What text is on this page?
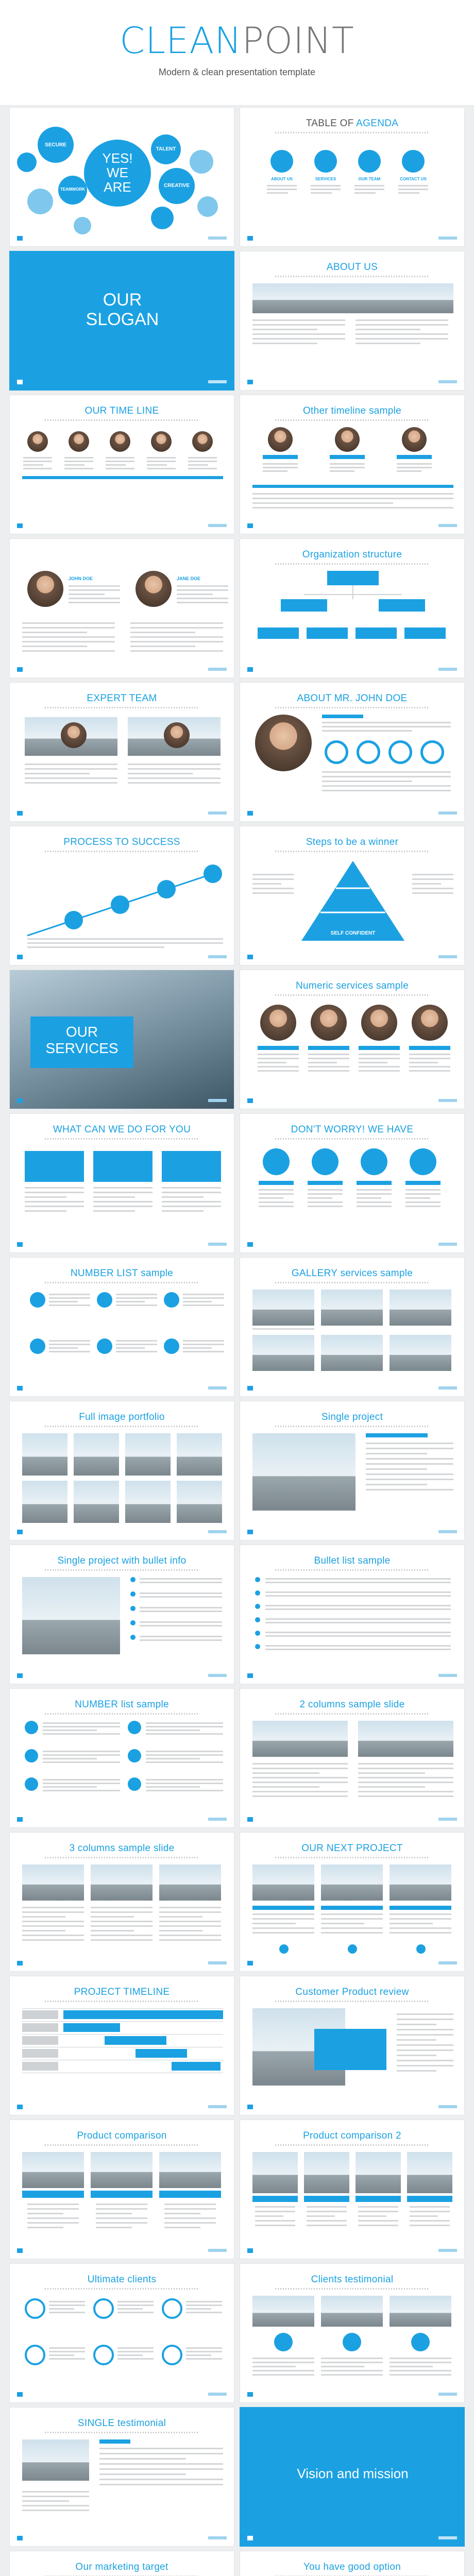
CLEANPOINT
Modern & clean presentation template
YES!
WE
ARE
SECURE
TEAMWORK
CREATIVE
TALENT
TABLE OF AGENDA
ABOUT US	SERVICES	OUR TEAM	CONTACT US
OUR
SLOGAN
ABOUT US
OUR TIME LINE	Other timeline sample
JOHN DOE	JANE DOE
Organization structure
EXPERT TEAM	ABOUT MR. JOHN DOE
PROCESS TO SUCCESS	Steps to be a winner
SELF CONFIDENT
OUR
SERVICES
Numeric services sample
WHAT CAN WE DO FOR YOU	DON'T WORRY! WE HAVE
NUMBER LIST sample	GALLERY services sample
Full image portfolio	Single project
Single project with bullet info	Bullet list sample
NUMBER list sample	2 columns sample slide
3 columns sample slide	OUR NEXT PROJECT
PROJECT TIMELINE	Customer Product review
Product comparison	Product comparison 2
Ultimate clients	Clients testimonial
SINGLE testimonial
Vision and mission
Our marketing target	You have good option
